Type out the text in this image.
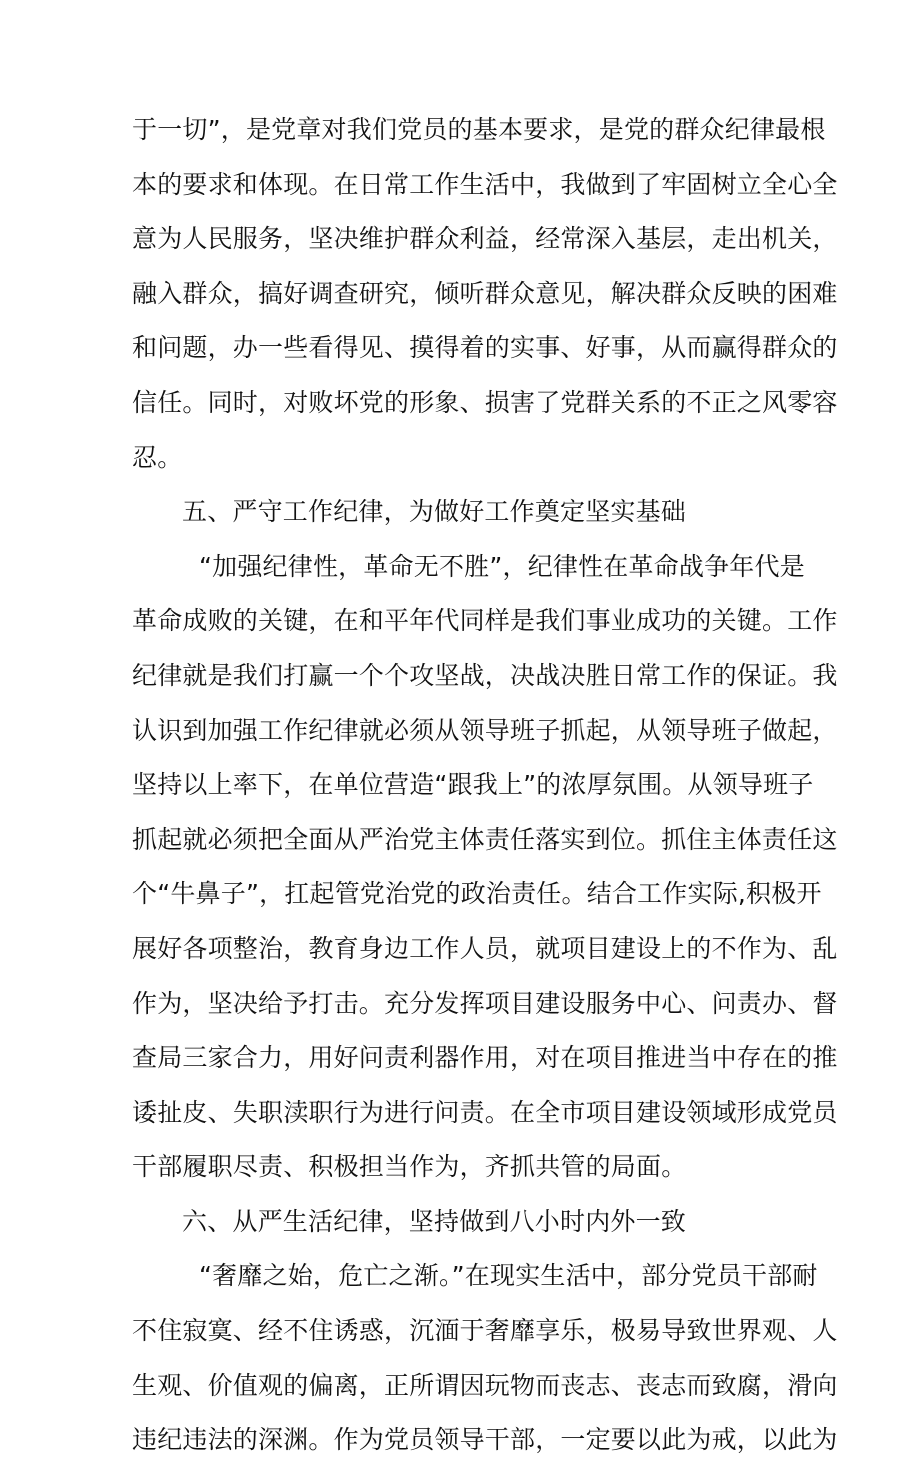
于一切”，是党章对我们党员的基本要求，是党的群众纪律最根
本的要求和体现。在日常工作生活中，我做到了牢固树立全心全
意为人民服务，坚决维护群众利益，经常深入基层，走出机关，
融入群众，搞好调查研究，倾听群众意见，解决群众反映的困难
和问题，办一些看得见、摸得着的实事、好事，从而赢得群众的
信任。同时，对败坏党的形象、损害了党群关系的不正之风零容
忍。
五、严守工作纪律，为做好工作奠定坚实基础
“加强纪律性，革命无不胜”，纪律性在革命战争年代是
革命成败的关键，在和平年代同样是我们事业成功的关键。工作
纪律就是我们打赢一个个攻坚战，决战决胜日常工作的保证。我
认识到加强工作纪律就必须从领导班子抓起，从领导班子做起，
坚持以上率下，在单位营造“跟我上”的浓厚氛围。从领导班子
抓起就必须把全面从严治党主体责任落实到位。抓住主体责任这
个“牛鼻子”，扛起管党治党的政治责任。结合工作实际,积极开
展好各项整治，教育身边工作人员，就项目建设上的不作为、乱
作为，坚决给予打击。充分发挥项目建设服务中心、问责办、督
查局三家合力，用好问责利器作用，对在项目推进当中存在的推
诿扯皮、失职渎职行为进行问责。在全市项目建设领域形成党员
干部履职尽责、积极担当作为，齐抓共管的局面。
六、从严生活纪律，坚持做到八小时内外一致
“奢靡之始，危亡之渐。”在现实生活中，部分党员干部耐
不住寂寞、经不住诱惑，沉湎于奢靡享乐，极易导致世界观、人
生观、价值观的偏离，正所谓因玩物而丧志、丧志而致腐，滑向
违纪违法的深渊。作为党员领导干部，一定要以此为戒，以此为
